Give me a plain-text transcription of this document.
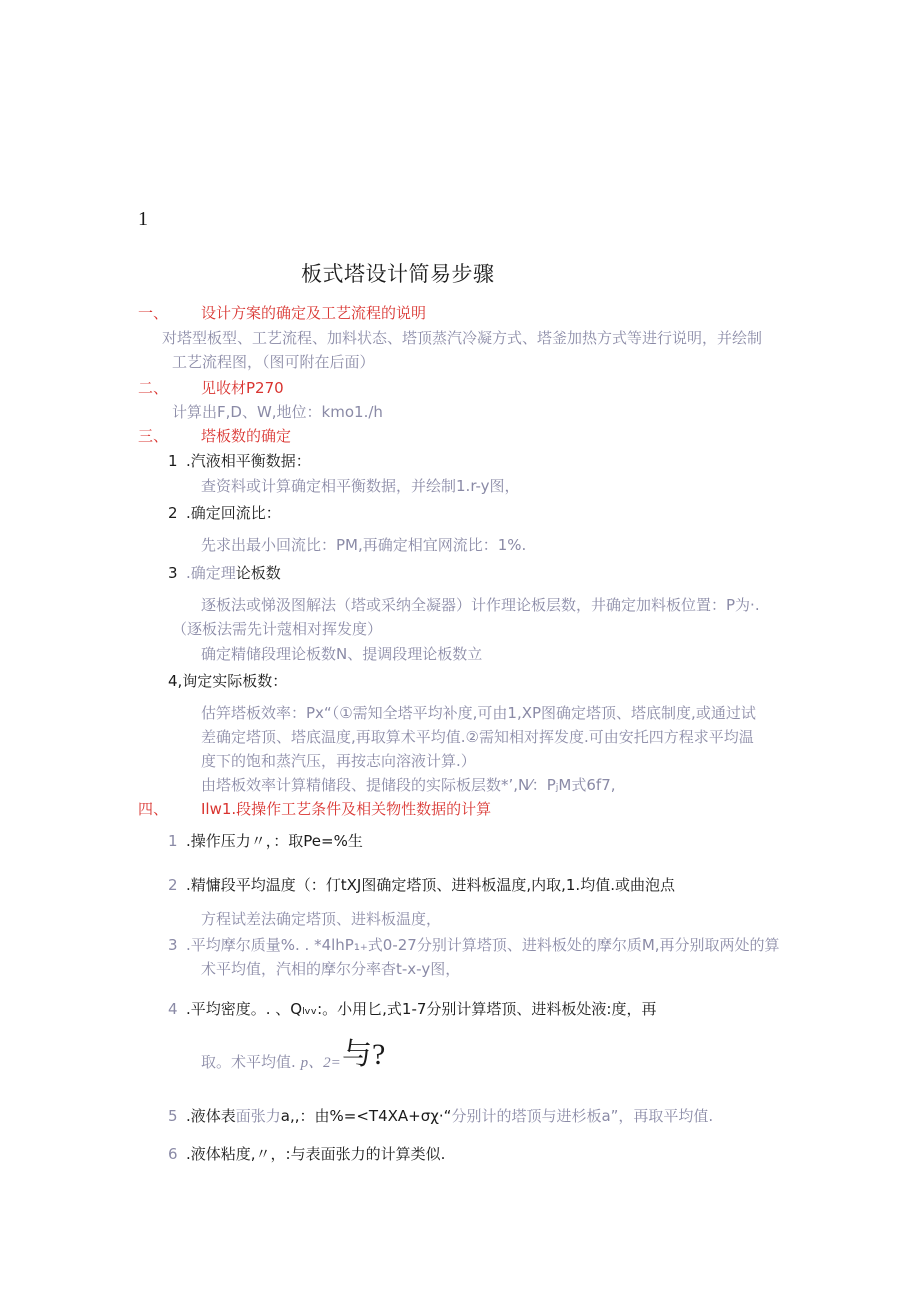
1
板式塔设计简易步骤
一、 设计方案的确定及工艺流程的说明
对塔型板型、工艺流程、加料状态、塔顶蒸汽冷凝方式、塔釜加热方式等进行说明，并绘制
工艺流程图，（图可附在后面）
二、 见收材P270
计算出F,D、W,地位：kmo1./h
三、 塔板数的确定
1 .汽液相平衡数据：
查资料或计算确定相平衡数据，并绘制1.r-y图，
2 .确定回流比：
先求出最小回流比：PM,再确定相宜网流比：1%.
3 .确定理论板数
逐板法或悌汲图解法（塔或采纳全凝器）计作理论板层数，井确定加料板位置：P为·.
（逐板法需先计蔻相对挥发度）
确定精储段理论板数N、提调段理论板数立
4,询定实际板数：
估笄塔板效率：Px“（①需知全塔平均补度,可由1,XP图确定塔顶、塔底制度,或通过试
差确定塔顶、塔底温度,再取算术平均值.②需知相对挥发度.可由安托四方程求平均温
度下的饱和蒸汽压，再按志向溶液计算.）
由塔板效率计算精储段、提储段的实际板层数*’,N⁄：PⱼM式6f7,
四、 Ilw1.段操作工艺条件及相关物性数据的计算
1 .操作压力〃，：取Pe=%生
2 .精慵段平均温度（：仃tXJ图确定塔顶、进料板温度,内取,1.均值.或曲泡点
方程试差法确定塔顶、进料板温度，
3 .平均摩尔质量%. . *4lhP₁₊式0-27分别计算塔顶、进料板处的摩尔质M,再分别取两处的算
术平均值，汽相的摩尔分率杳t-x-y图，
4 .平均密度。. 、Qₗᵥᵥ:。小用匕,式1-7分别计算塔顶、进料板处液:度，再
取。术平均值. p、2= 与?
5 .液体表面张力a,,：由%=<T4XA+σχ·“分别计的塔顶与进杉板a”，再取平均值.
6 .液体粘度,〃，:与表面张力的计算类似.
